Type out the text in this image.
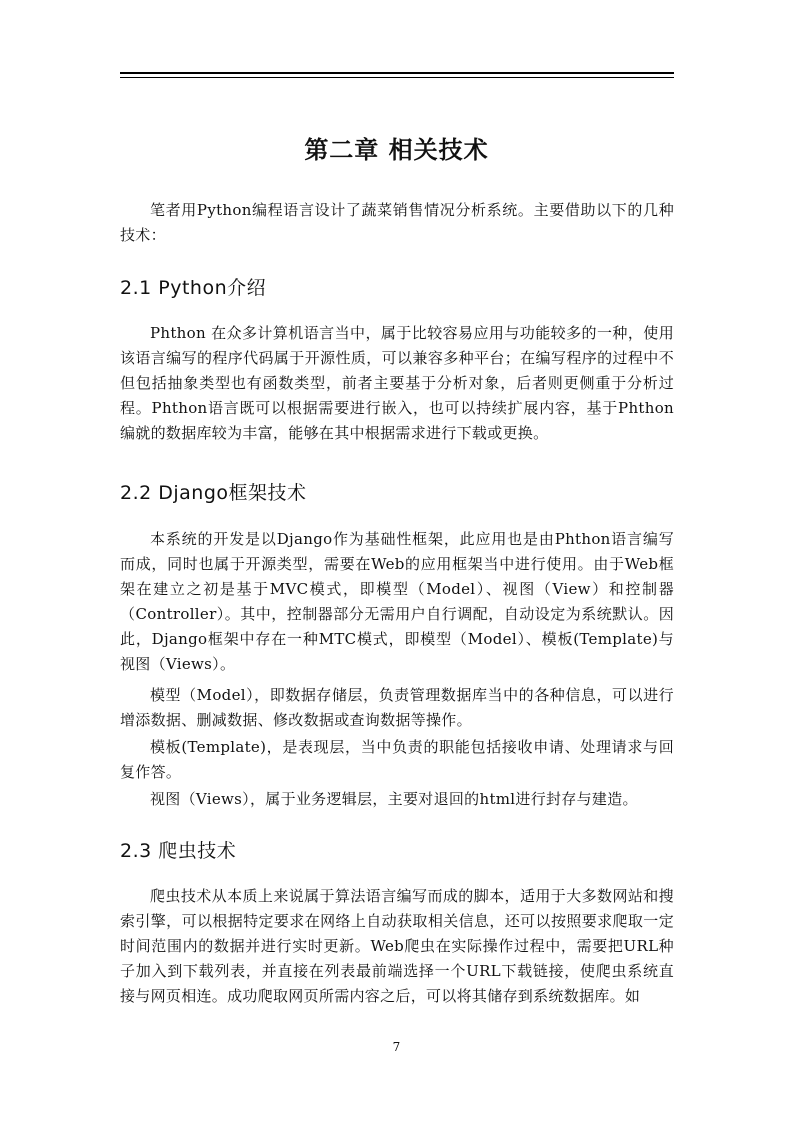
第二章 相关技术

笔者用Python编程语言设计了蔬菜销售情况分析系统。主要借助以下的几种技术：

2.1 Python介绍

Phthon 在众多计算机语言当中，属于比较容易应用与功能较多的一种，使用该语言编写的程序代码属于开源性质，可以兼容多种平台；在编写程序的过程中不但包括抽象类型也有函数类型，前者主要基于分析对象，后者则更侧重于分析过程。Phthon语言既可以根据需要进行嵌入，也可以持续扩展内容，基于Phthon编就的数据库较为丰富，能够在其中根据需求进行下载或更换。

2.2 Django框架技术

本系统的开发是以Django作为基础性框架，此应用也是由Phthon语言编写而成，同时也属于开源类型，需要在Web的应用框架当中进行使用。由于Web框架在建立之初是基于MVC模式，即模型（Model）、视图（View）和控制器（Controller）。其中，控制器部分无需用户自行调配，自动设定为系统默认。因此，Django框架中存在一种MTC模式，即模型（Model）、模板(Template)与视图（Views）。

模型（Model），即数据存储层，负责管理数据库当中的各种信息，可以进行增添数据、删减数据、修改数据或查询数据等操作。

模板(Template)，是表现层，当中负责的职能包括接收申请、处理请求与回复作答。

视图（Views），属于业务逻辑层，主要对退回的html进行封存与建造。

2.3 爬虫技术

爬虫技术从本质上来说属于算法语言编写而成的脚本，适用于大多数网站和搜索引擎，可以根据特定要求在网络上自动获取相关信息，还可以按照要求爬取一定时间范围内的数据并进行实时更新。Web爬虫在实际操作过程中，需要把URL种子加入到下载列表，并直接在列表最前端选择一个URL下载链接，使爬虫系统直接与网页相连。成功爬取网页所需内容之后，可以将其储存到系统数据库。如

7
